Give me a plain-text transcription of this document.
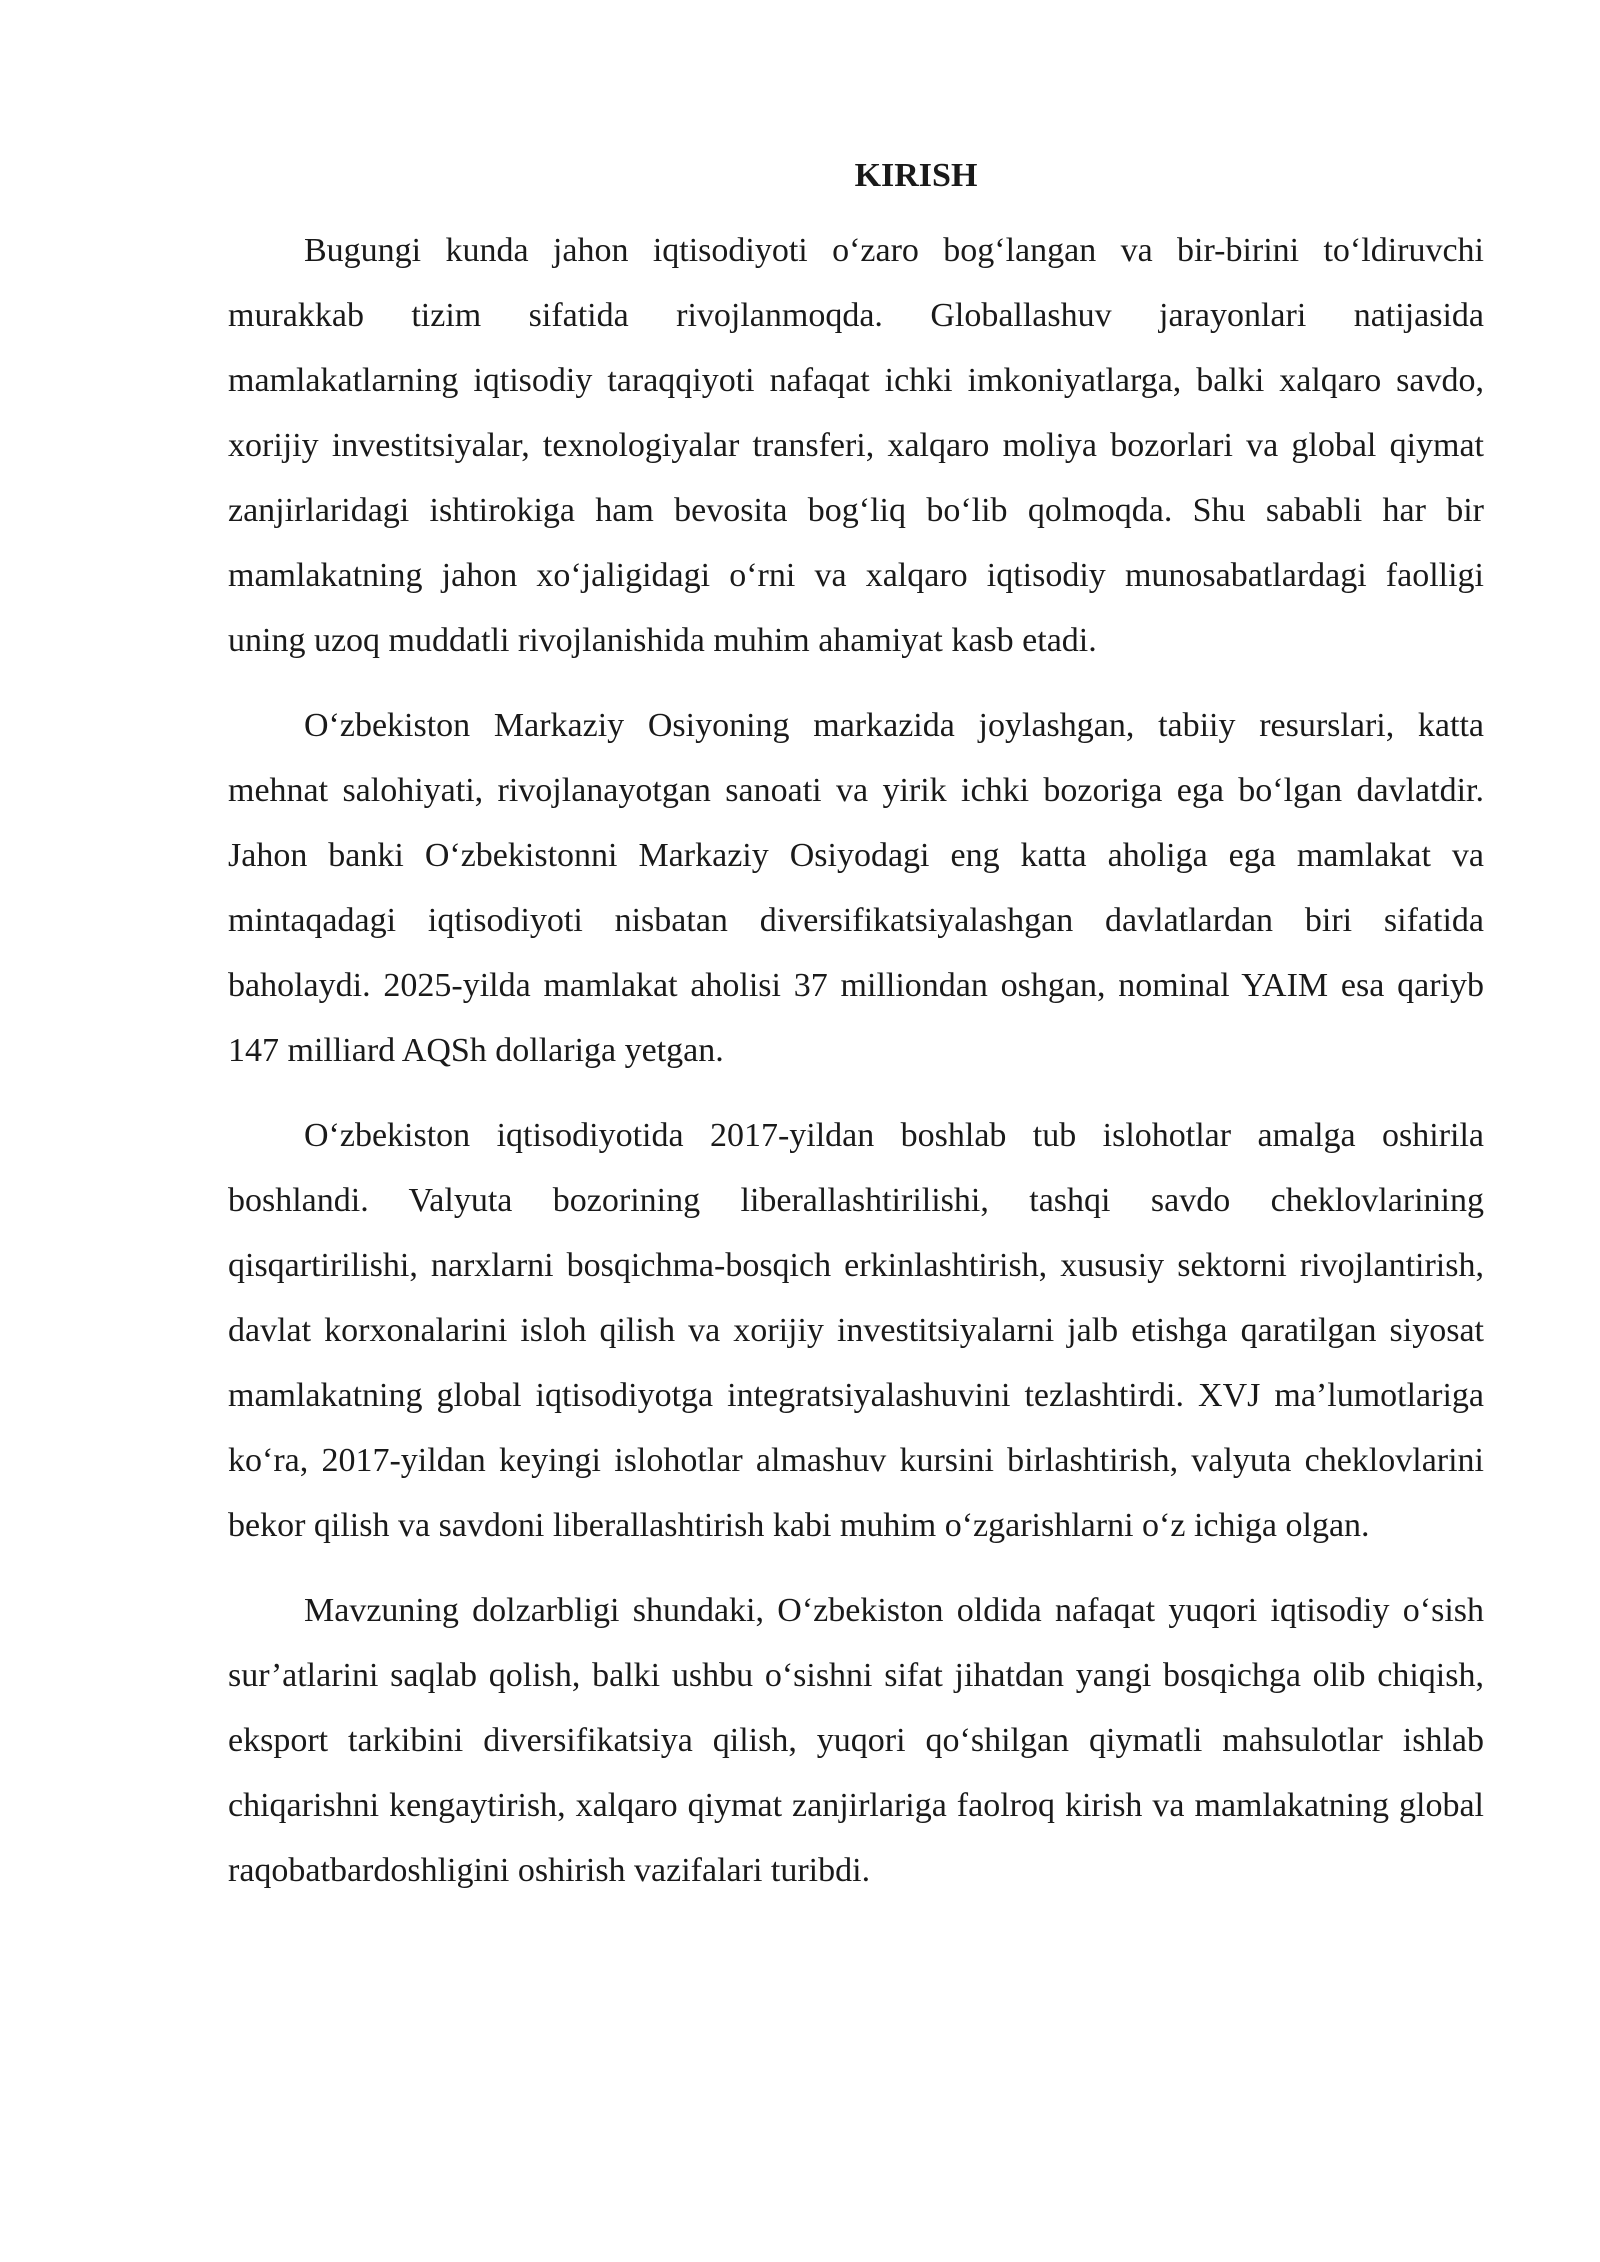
KIRISH

Bugungi kunda jahon iqtisodiyoti o‘zaro bog‘langan va bir-birini to‘ldiruvchi murakkab tizim sifatida rivojlanmoqda. Globallashuv jarayonlari natijasida mamlakatlarning iqtisodiy taraqqiyoti nafaqat ichki imkoniyatlarga, balki xalqaro savdo, xorijiy investitsiyalar, texnologiyalar transferi, xalqaro moliya bozorlari va global qiymat zanjirlaridagi ishtirokiga ham bevosita bog‘liq bo‘lib qolmoqda. Shu sababli har bir mamlakatning jahon xo‘jaligidagi o‘rni va xalqaro iqtisodiy munosabatlardagi faolligi uning uzoq muddatli rivojlanishida muhim ahamiyat kasb etadi.

O‘zbekiston Markaziy Osiyoning markazida joylashgan, tabiiy resurslari, katta mehnat salohiyati, rivojlanayotgan sanoati va yirik ichki bozoriga ega bo‘lgan davlatdir. Jahon banki O‘zbekistonni Markaziy Osiyodagi eng katta aholiga ega mamlakat va mintaqadagi iqtisodiyoti nisbatan diversifikatsiyalashgan davlatlardan biri sifatida baholaydi. 2025-yilda mamlakat aholisi 37 milliondan oshgan, nominal YAIM esa qariyb 147 milliard AQSh dollariga yetgan.

O‘zbekiston iqtisodiyotida 2017-yildan boshlab tub islohotlar amalga oshirila boshlandi. Valyuta bozorining liberallashtirilishi, tashqi savdo cheklovlarining qisqartirilishi, narxlarni bosqichma-bosqich erkinlashtirish, xususiy sektorni rivojlantirish, davlat korxonalarini isloh qilish va xorijiy investitsiyalarni jalb etishga qaratilgan siyosat mamlakatning global iqtisodiyotga integratsiyalashuvini tezlashtirdi. XVJ ma’lumotlariga ko‘ra, 2017-yildan keyingi islohotlar almashuv kursini birlashtirish, valyuta cheklovlarini bekor qilish va savdoni liberallashtirish kabi muhim o‘zgarishlarni o‘z ichiga olgan.

Mavzuning dolzarbligi shundaki, O‘zbekiston oldida nafaqat yuqori iqtisodiy o‘sish sur’atlarini saqlab qolish, balki ushbu o‘sishni sifat jihatdan yangi bosqichga olib chiqish, eksport tarkibini diversifikatsiya qilish, yuqori qo‘shilgan qiymatli mahsulotlar ishlab chiqarishni kengaytirish, xalqaro qiymat zanjirlariga faolroq kirish va mamlakatning global raqobatbardoshligini oshirish vazifalari turibdi.
